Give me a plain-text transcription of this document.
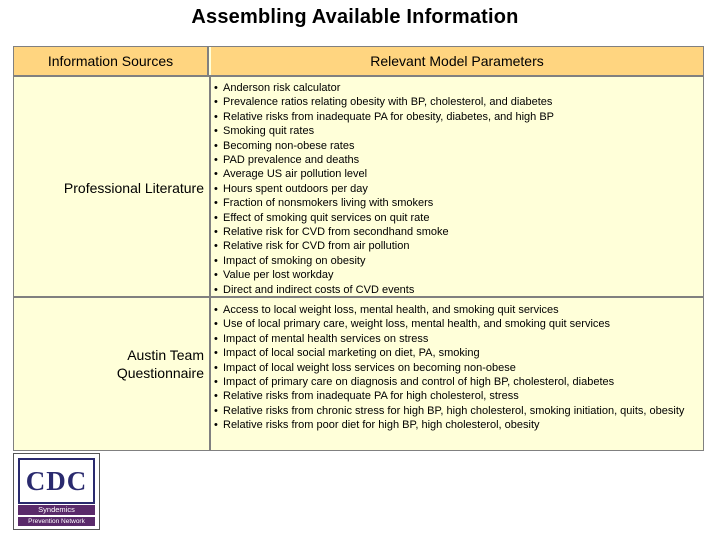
Assembling Available Information
Information Sources	Relevant Model Parameters
Professional Literature
Austin Team
Questionnaire
• Anderson risk calculator
• Prevalence ratios relating obesity with BP, cholesterol, and diabetes
• Relative risks from inadequate PA for obesity, diabetes, and high BP
• Smoking quit rates
• Becoming non-obese rates
• PAD prevalence and deaths
• Average US air pollution level
• Hours spent outdoors per day
• Fraction of nonsmokers living with smokers
• Effect of smoking quit services on quit rate
• Relative risk for CVD from secondhand smoke
• Relative risk for CVD from air pollution
• Impact of smoking on obesity
• Value per lost workday
• Direct and indirect costs of CVD events
• Access to local weight loss, mental health, and smoking quit services
• Use of local primary care, weight loss, mental health, and smoking quit services
• Impact of mental health services on stress
• Impact of local social marketing on diet, PA, smoking
• Impact of local weight loss services on becoming non-obese
• Impact of primary care on diagnosis and control of high BP, cholesterol, diabetes
• Relative risks from inadequate PA for high cholesterol, stress
• Relative risks from chronic stress for high BP, high cholesterol, smoking initiation, quits, obesity
• Relative risks from poor diet for high BP, high cholesterol, obesity
CDC
Syndemics
Prevention Network
